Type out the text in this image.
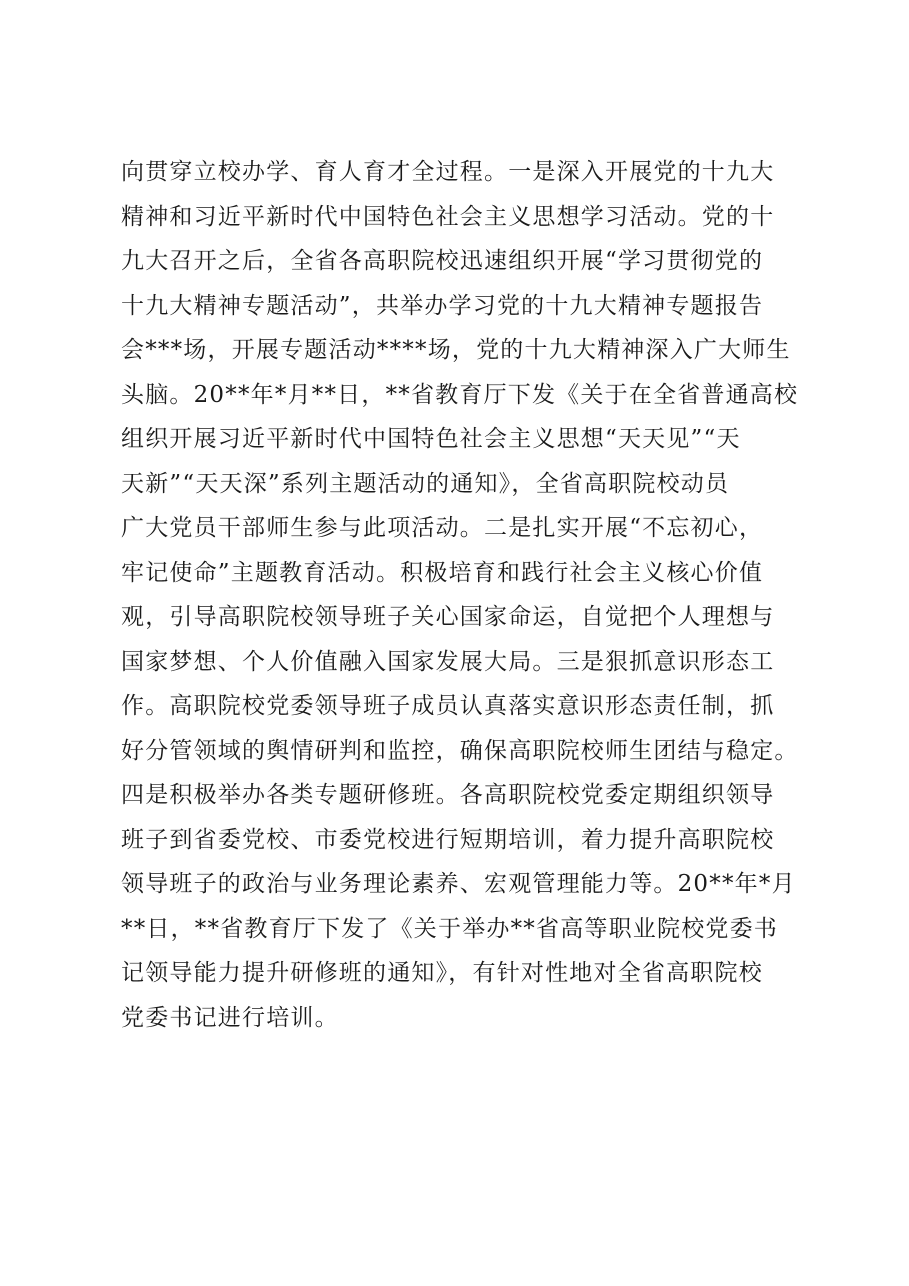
向贯穿立校办学、育人育才全过程。一是深入开展党的十九大
精神和习近平新时代中国特色社会主义思想学习活动。党的十
九大召开之后，全省各高职院校迅速组织开展“学习贯彻党的
十九大精神专题活动”，共举办学习党的十九大精神专题报告
会***场，开展专题活动****场，党的十九大精神深入广大师生
头脑。20**年*月**日，**省教育厅下发《关于在全省普通高校
组织开展习近平新时代中国特色社会主义思想“天天见”“天
天新”“天天深”系列主题活动的通知》，全省高职院校动员
广大党员干部师生参与此项活动。二是扎实开展“不忘初心，
牢记使命”主题教育活动。积极培育和践行社会主义核心价值
观，引导高职院校领导班子关心国家命运，自觉把个人理想与
国家梦想、个人价值融入国家发展大局。三是狠抓意识形态工
作。高职院校党委领导班子成员认真落实意识形态责任制，抓
好分管领域的舆情研判和监控，确保高职院校师生团结与稳定。
四是积极举办各类专题研修班。各高职院校党委定期组织领导
班子到省委党校、市委党校进行短期培训，着力提升高职院校
领导班子的政治与业务理论素养、宏观管理能力等。20**年*月
**日，**省教育厅下发了《关于举办**省高等职业院校党委书
记领导能力提升研修班的通知》，有针对性地对全省高职院校
党委书记进行培训。
